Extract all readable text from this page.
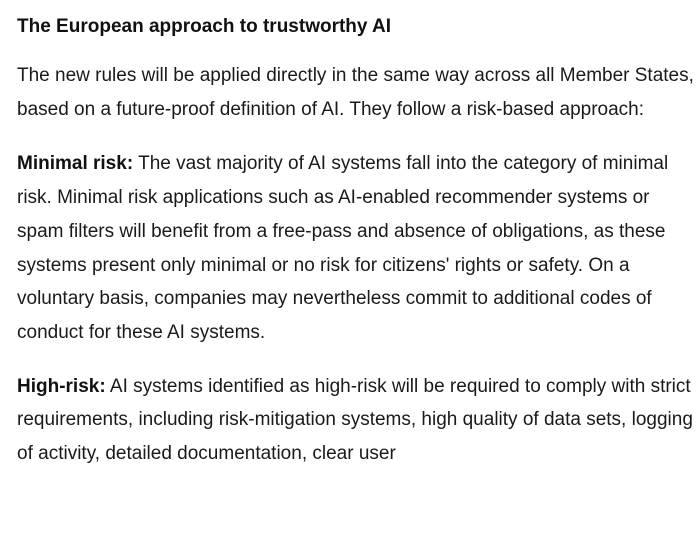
The European approach to trustworthy AI

The new rules will be applied directly in the same way across all Member States, based on a future-proof definition of AI. They follow a risk-based approach:

Minimal risk: The vast majority of AI systems fall into the category of minimal risk. Minimal risk applications such as AI-enabled recommender systems or spam filters will benefit from a free-pass and absence of obligations, as these systems present only minimal or no risk for citizens' rights or safety. On a voluntary basis, companies may nevertheless commit to additional codes of conduct for these AI systems.

High-risk: AI systems identified as high-risk will be required to comply with strict requirements, including risk-mitigation systems, high quality of data sets, logging of activity, detailed documentation, clear user
